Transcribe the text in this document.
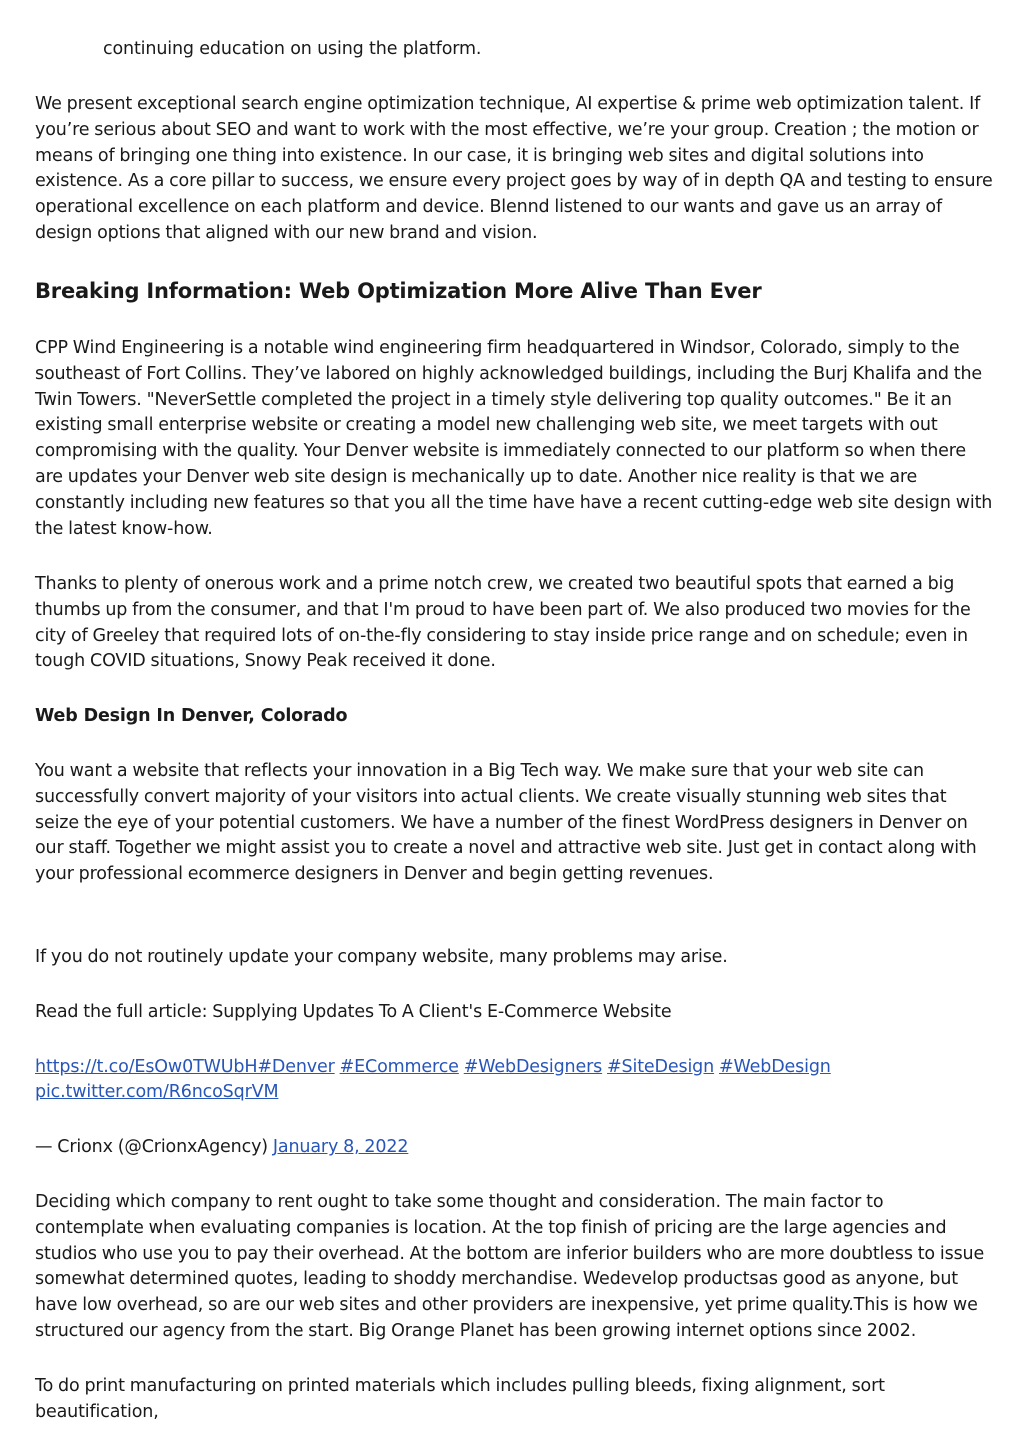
continuing education on using the platform.

We present exceptional search engine optimization technique, AI expertise & prime web optimization talent. If you’re serious about SEO and want to work with the most effective, we’re your group. Creation ; the motion or means of bringing one thing into existence. In our case, it is bringing web sites and digital solutions into existence. As a core pillar to success, we ensure every project goes by way of in depth QA and testing to ensure operational excellence on each platform and device. Blennd listened to our wants and gave us an array of design options that aligned with our new brand and vision.

Breaking Information: Web Optimization More Alive Than Ever

CPP Wind Engineering is a notable wind engineering firm headquartered in Windsor, Colorado, simply to the southeast of Fort Collins. They’ve labored on highly acknowledged buildings, including the Burj Khalifa and the Twin Towers. "NeverSettle completed the project in a timely style delivering top quality outcomes." Be it an existing small enterprise website or creating a model new challenging web site, we meet targets with out compromising with the quality. Your Denver website is immediately connected to our platform so when there are updates your Denver web site design is mechanically up to date. Another nice reality is that we are constantly including new features so that you all the time have have a recent cutting-edge web site design with the latest know-how.

Thanks to plenty of onerous work and a prime notch crew, we created two beautiful spots that earned a big thumbs up from the consumer, and that I'm proud to have been part of. We also produced two movies for the city of Greeley that required lots of on-the-fly considering to stay inside price range and on schedule; even in tough COVID situations, Snowy Peak received it done.

Web Design In Denver, Colorado

You want a website that reflects your innovation in a Big Tech way. We make sure that your web site can successfully convert majority of your visitors into actual clients. We create visually stunning web sites that seize the eye of your potential customers. We have a number of the finest WordPress designers in Denver on our staff. Together we might assist you to create a novel and attractive web site. Just get in contact along with your professional ecommerce designers in Denver and begin getting revenues.

If you do not routinely update your company website, many problems may arise.

Read the full article: Supplying Updates To A Client's E-Commerce Website

https://t.co/EsOw0TWUbH#Denver #ECommerce #WebDesigners #SiteDesign #WebDesign
pic.twitter.com/R6ncoSqrVM

— Crionx (@CrionxAgency) January 8, 2022

Deciding which company to rent ought to take some thought and consideration. The main factor to contemplate when evaluating companies is location. At the top finish of pricing are the large agencies and studios who use you to pay their overhead. At the bottom are inferior builders who are more doubtless to issue somewhat determined quotes, leading to shoddy merchandise. Wedevelop productsas good as anyone, but have low overhead, so are our web sites and other providers are inexpensive, yet prime quality.This is how we structured our agency from the start. Big Orange Planet has been growing internet options since 2002.

To do print manufacturing on printed materials which includes pulling bleeds, fixing alignment, sort beautification,
